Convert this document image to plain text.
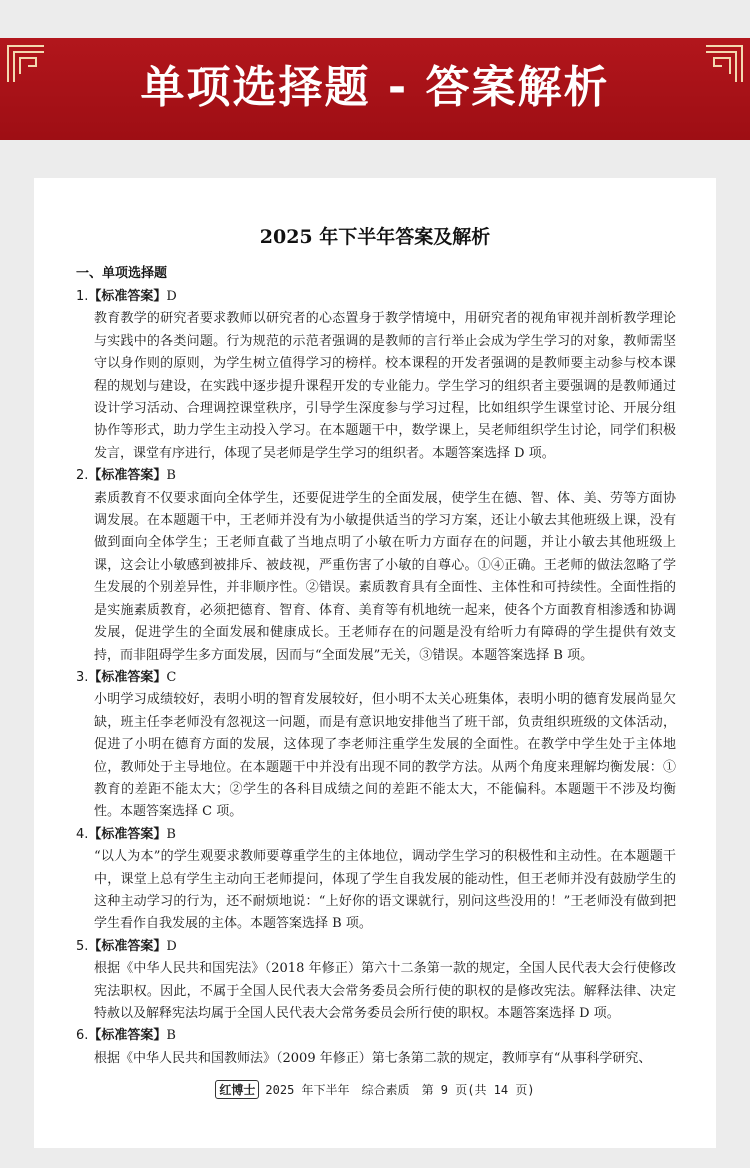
单项选择题 - 答案解析
2025 年下半年答案及解析
一、单项选择题

1.【标准答案】D

教育教学的研究者要求教师以研究者的心态置身于教学情境中，用研究者的视角审视并剖析教学理论与实践中的各类问题。行为规范的示范者强调的是教师的言行举止会成为学生学习的对象，教师需坚守以身作则的原则，为学生树立值得学习的榜样。校本课程的开发者强调的是教师要主动参与校本课程的规划与建设，在实践中逐步提升课程开发的专业能力。学生学习的组织者主要强调的是教师通过设计学习活动、合理调控课堂秩序，引导学生深度参与学习过程，比如组织学生课堂讨论、开展分组协作等形式，助力学生主动投入学习。在本题题干中，数学课上，吴老师组织学生讨论，同学们积极发言，课堂有序进行，体现了吴老师是学生学习的组织者。本题答案选择 D 项。

2.【标准答案】B

素质教育不仅要求面向全体学生，还要促进学生的全面发展，使学生在德、智、体、美、劳等方面协调发展。在本题题干中，王老师并没有为小敏提供适当的学习方案，还让小敏去其他班级上课，没有做到面向全体学生；王老师直截了当地点明了小敏在听力方面存在的问题，并让小敏去其他班级上课，这会让小敏感到被排斥、被歧视，严重伤害了小敏的自尊心。①④正确。王老师的做法忽略了学生发展的个别差异性，并非顺序性。②错误。素质教育具有全面性、主体性和可持续性。全面性指的是实施素质教育，必须把德育、智育、体育、美育等有机地统一起来，使各个方面教育相渗透和协调发展，促进学生的全面发展和健康成长。王老师存在的问题是没有给听力有障碍的学生提供有效支持，而非阻碍学生多方面发展，因而与“全面发展”无关，③错误。本题答案选择 B 项。

3.【标准答案】C

小明学习成绩较好，表明小明的智育发展较好，但小明不太关心班集体，表明小明的德育发展尚显欠缺，班主任李老师没有忽视这一问题，而是有意识地安排他当了班干部，负责组织班级的文体活动，促进了小明在德育方面的发展，这体现了李老师注重学生发展的全面性。在教学中学生处于主体地位，教师处于主导地位。在本题题干中并没有出现不同的教学方法。从两个角度来理解均衡发展：①教育的差距不能太大；②学生的各科目成绩之间的差距不能太大，不能偏科。本题题干不涉及均衡性。本题答案选择 C 项。

4.【标准答案】B

“以人为本”的学生观要求教师要尊重学生的主体地位，调动学生学习的积极性和主动性。在本题题干中，课堂上总有学生主动向王老师提问，体现了学生自我发展的能动性，但王老师并没有鼓励学生的这种主动学习的行为，还不耐烦地说：“上好你的语文课就行，别问这些没用的！”王老师没有做到把学生看作自我发展的主体。本题答案选择 B 项。

5.【标准答案】D

根据《中华人民共和国宪法》（2018 年修正）第六十二条第一款的规定，全国人民代表大会行使修改宪法职权。因此，不属于全国人民代表大会常务委员会所行使的职权的是修改宪法。解释法律、决定特赦以及解释宪法均属于全国人民代表大会常务委员会所行使的职权。本题答案选择 D 项。

6.【标准答案】B

根据《中华人民共和国教师法》（2009 年修正）第七条第二款的规定，教师享有“从事科学研究、

红博士 2025 年下半年 综合素质 第 9 页(共 14 页)
